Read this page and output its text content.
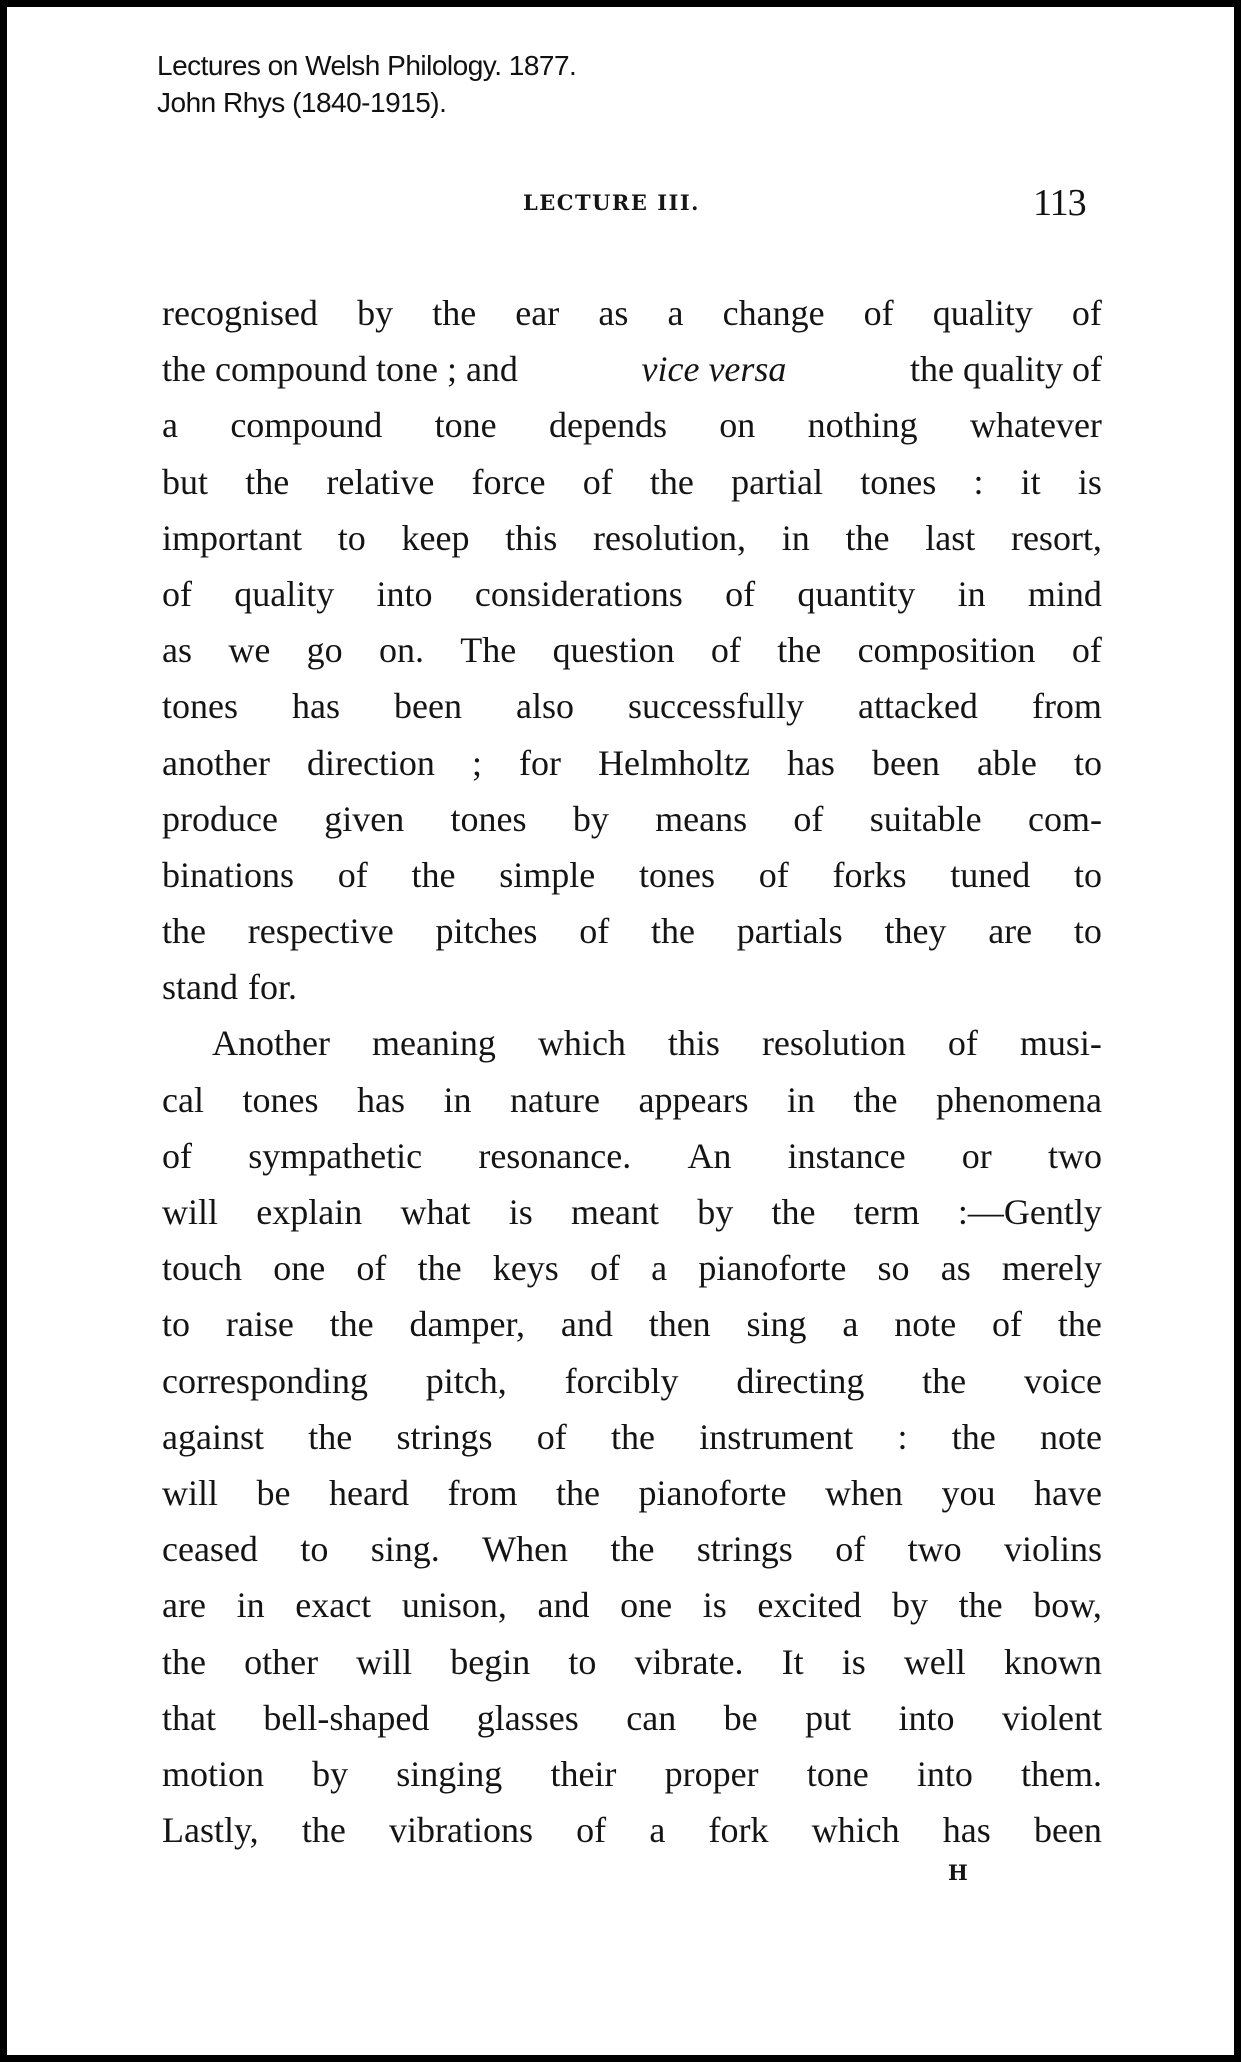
Lectures on Welsh Philology. 1877.
John Rhys (1840-1915).
LECTURE III.	113
recognised by the ear as a change of quality of
the compound tone ; and	vice versa	the quality of
a compound tone depends on nothing whatever
but the relative force of the partial tones : it is
important to keep this resolution, in the last resort,
of quality into considerations of quantity in mind
as we go on. The question of the composition of
tones has been also successfully attacked from
another direction ; for Helmholtz has been able to
produce given tones by means of suitable com-
binations of the simple tones of forks tuned to
the respective pitches of the partials they are to
stand for.
Another meaning which this resolution of musi-
cal tones has in nature appears in the phenomena
of sympathetic resonance. An instance or two
will explain what is meant by the term :—Gently
touch one of the keys of a pianoforte so as merely
to raise the damper, and then sing a note of the
corresponding pitch, forcibly directing the voice
against the strings of the instrument : the note
will be heard from the pianoforte when you have
ceased to sing. When the strings of two violins
are in exact unison, and one is excited by the bow,
the other will begin to vibrate. It is well known
that bell-shaped glasses can be put into violent
motion by singing their proper tone into them.
Lastly, the vibrations of a fork which has been
H
